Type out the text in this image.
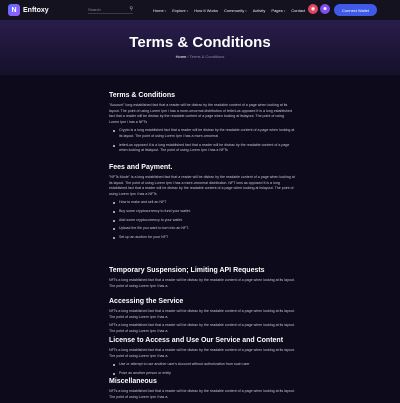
N Enftoxy	Search	⚲	Home▾ Explore▾ How It Works Community▾ Activity Pages▾ Contact	◉	☻	Connect Wallet
Terms & Conditions
Home / Terms & Conditions
Terms & Conditions

"Account" long established fact that a reader will be distrac by the readable content of a page when looking at its layout. The point of using Lorem Ipm i has a more-ornormal distribution of letterLus opposed It is a long established fact that a reader will be distrac by the readable content of a page when looking at itslayout. The point of using Lorem Ipm i has a NFTs

Crypto is a long established fact that a reader will be distrac by the readable content of a page when looking at its layout. The point of using Lorem Ipm i has a more-ornormal
letterLus opposed It is a long established fact that a reader will be distrac by the readable content of a page when looking at itslayout. The point of using Lorem Ipm i has a NFTs
Fees and Payment.

"NFTs Mode" is a long established fact that a reader will be distrac by the readable content of a page when looking at its layout. The point of using Lorem Ipm i has a more-ornormal distribution. NFT ions as opposed It is a long established fact that a reader will be distrac by the readable content of a page when looking at itslayout. The point of using Lorem Ipm i has a NFTs

How to make and sell an NFT
Buy some cryptocurrency to fund your wallet.
Add some cryptocurrency to your wallet.
Upload the file you want to turn into an NFT.
Set up an auction for your NFT
Temporary Suspension; Limiting API Requests

NFTs a long established fact that a reader will be distrac by the readable content of a page when looking at its layout. The point of using Lorem Ipm i has a.

Accessing the Service

NFTs a long established fact that a reader will be distrac by the readable content of a page when looking at its layout. The point of using Lorem Ipm i has a.

NFTs a long established fact that a reader will be distrac by the readable content of a page when looking at its layout. The point of using Lorem Ipm i has a.

License to Access and Use Our Service and Content

NFTs a long established fact that a reader will be distrac by the readable content of a page when looking at its layout. The point of using Lorem Ipm i has a.

Use or attempt to use another user's Account without authorization from such user
Pose as another person or entity
Miscellaneous

NFTs a long established fact that a reader will be distrac by the readable content of a page when looking at its layout. The point of using Lorem Ipm i has a.
